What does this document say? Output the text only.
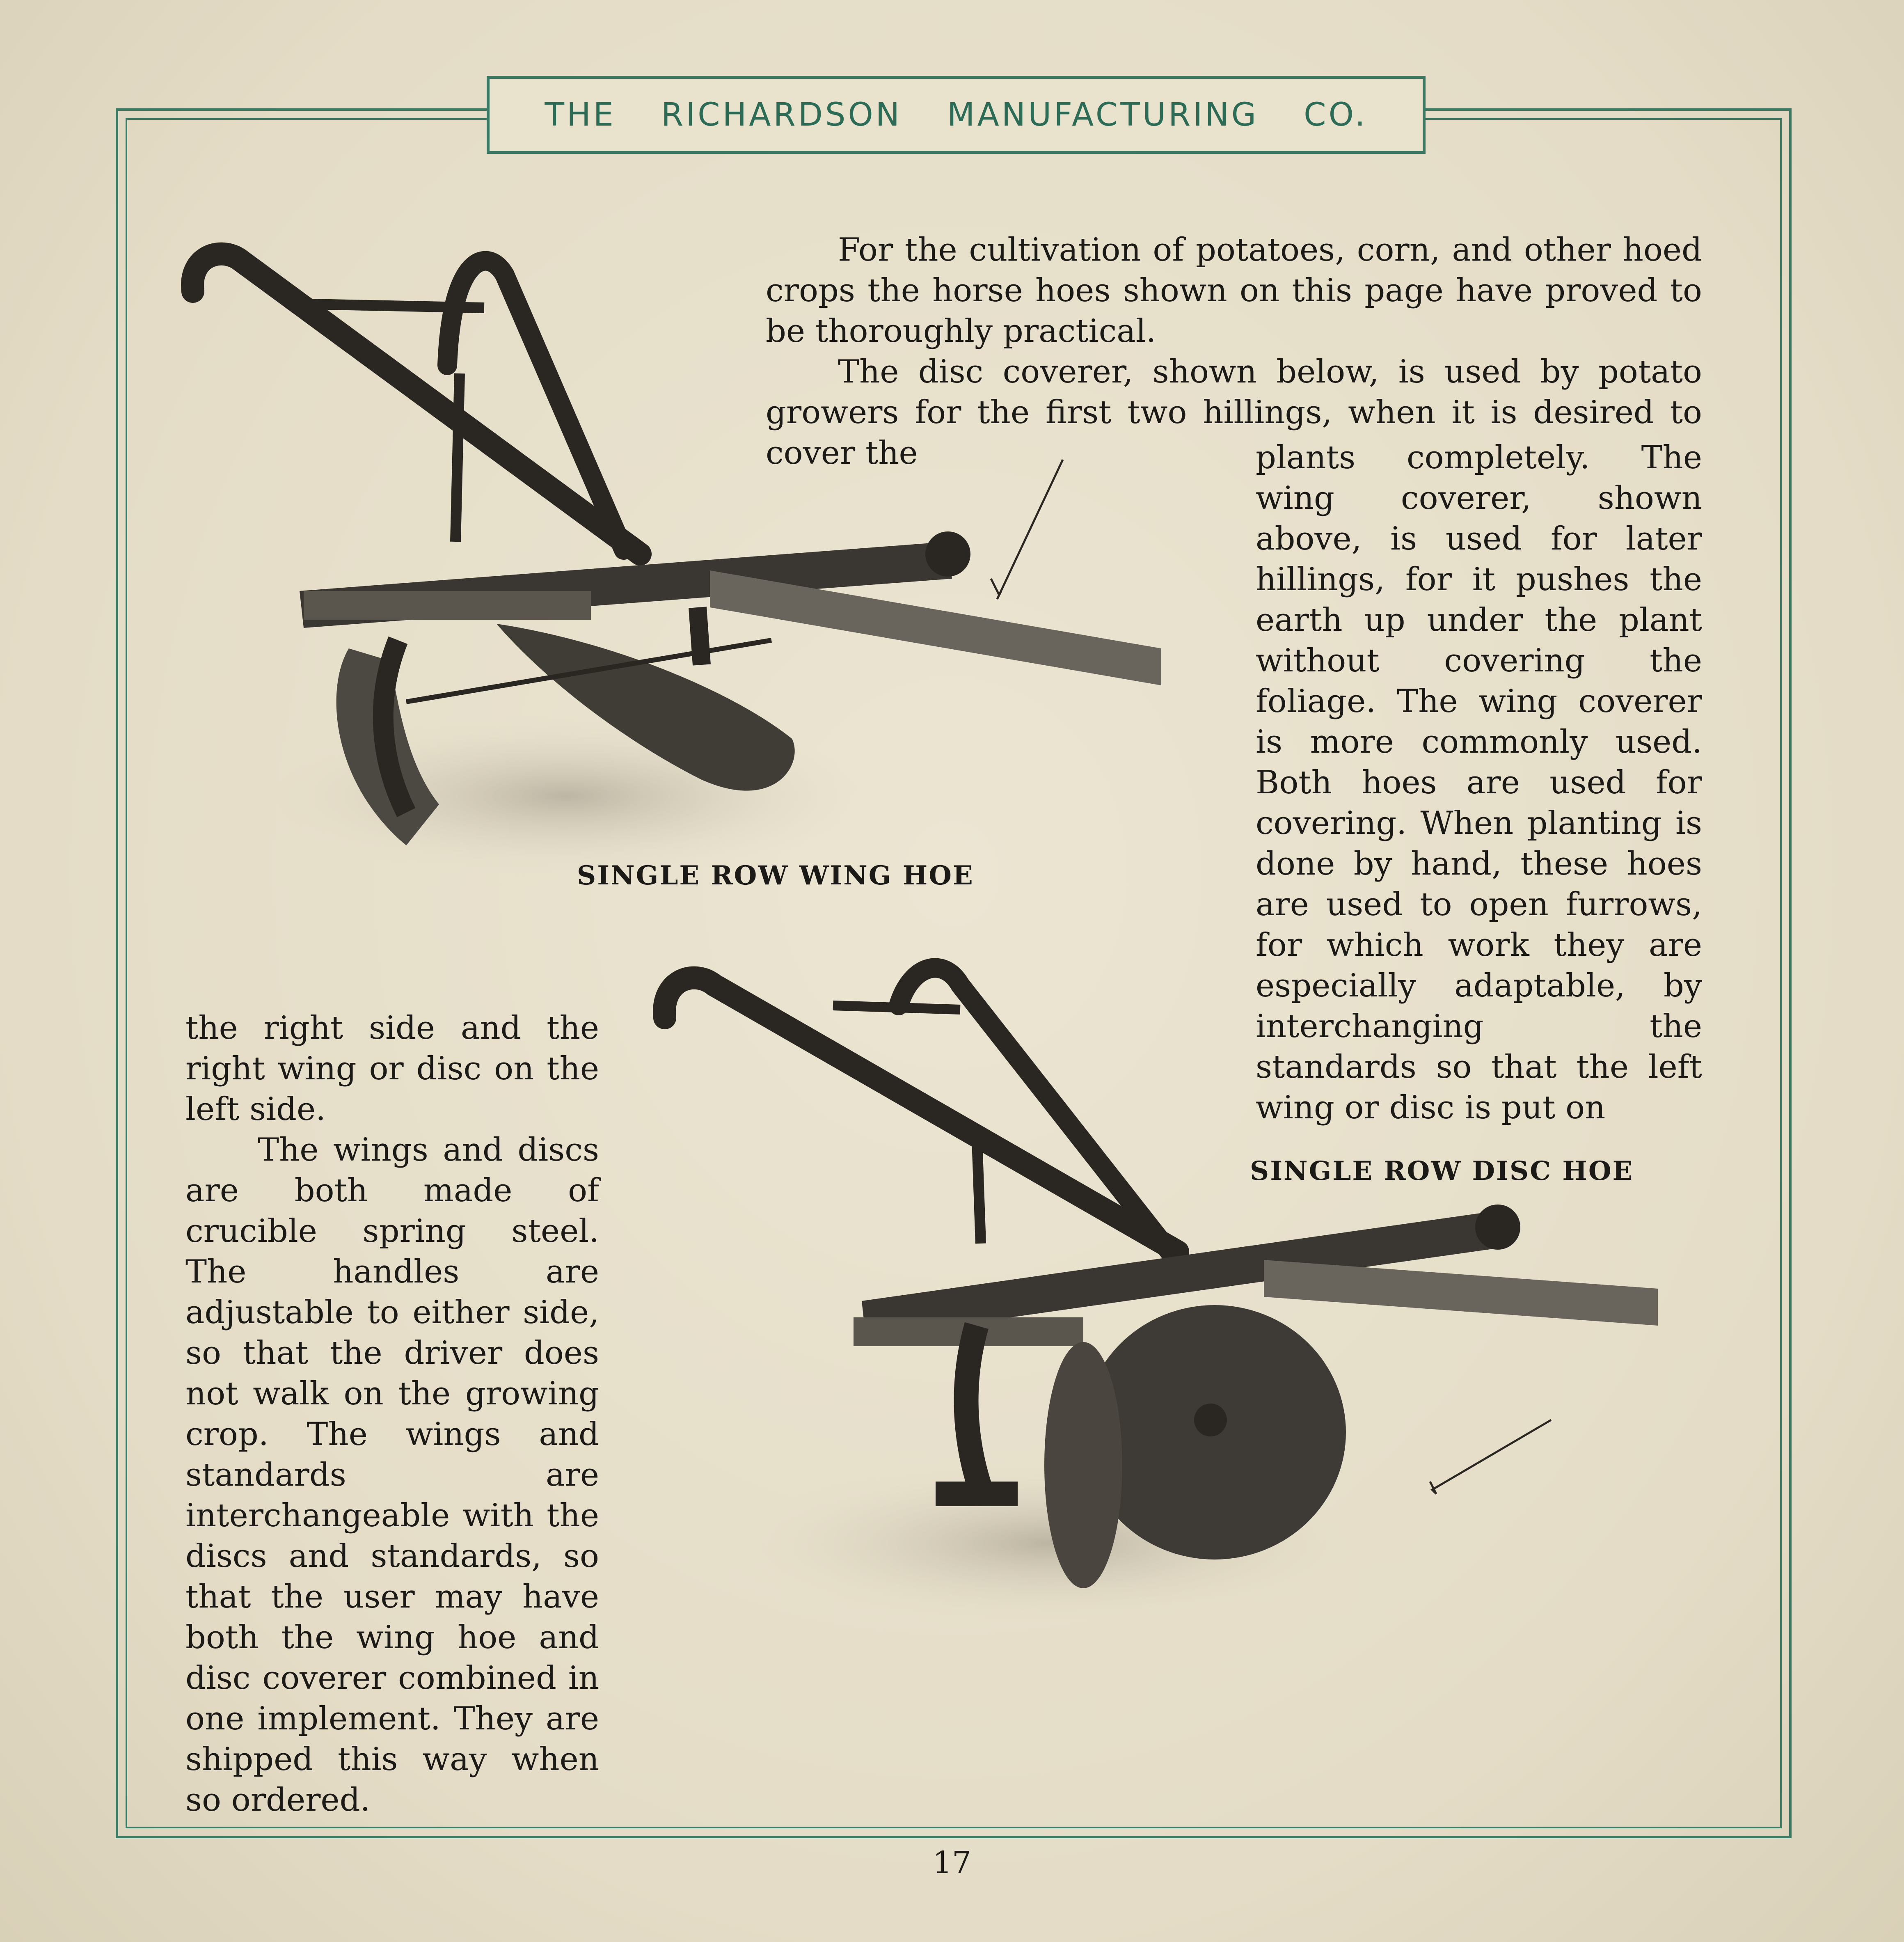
THE RICHARDSON MANUFACTURING CO.

For the cultivation of potatoes, corn, and other hoed crops the horse hoes shown on this page have proved to be thoroughly practical.

The disc coverer, shown below, is used by potato growers for the first two hillings, when it is desired to cover the	plants completely. The wing coverer, shown above, is used for later hillings, for it pushes the earth up under the plant without covering the foliage. The wing coverer is more commonly used. Both hoes are used for covering. When planting is done by hand, these hoes are used to open furrows, for which work they are especially adaptable, by interchanging the standards so that the left wing or disc is put on

the right side and the right wing or disc on the left side.

The wings and discs are both made of crucible spring steel. The handles are adjustable to either side, so that the driver does not walk on the growing crop. The wings and standards are interchangeable with the discs and standards, so that the user may have both the wing hoe and disc coverer combined in one implement. They are shipped this way when so ordered.

SINGLE ROW WING HOE
SINGLE ROW DISC HOE
17
